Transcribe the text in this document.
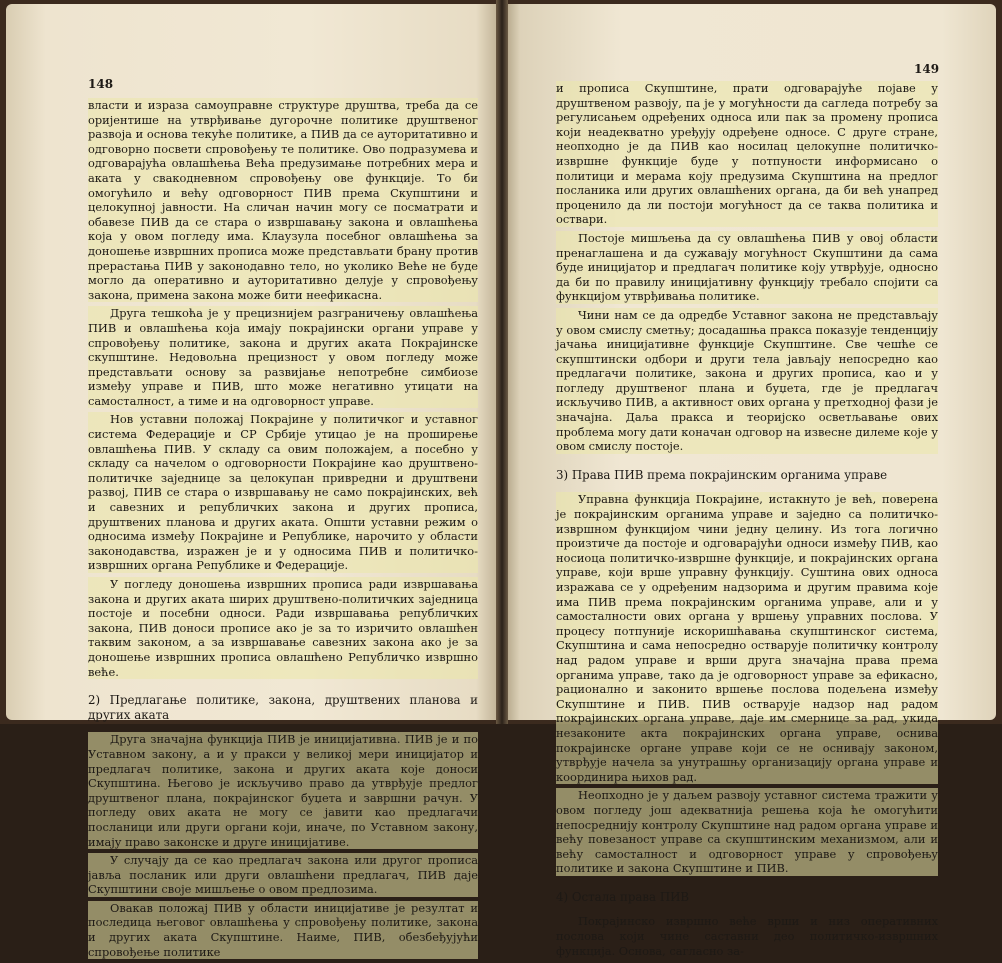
148

власти и израза самоуправне структуре друштва, треба да се оријентише на утврђивање дугорочне политике друштвеног развоја и основа текуће политике, а ПИВ да се ауторитативно и одговорно посвети спровођењу те политике. Ово подразумева и одговарајућа овлашћења Већа предузимање потребних мера и аката у свакодневном спровођењу ове функције. То би омогућило и већу одговорност ПИВ према Скупштини и целокупној јавности. На сличан начин могу се посматрати и обавезе ПИВ да се стара о извршавању закона и овлашћења која у овом погледу има. Клаузула посебног овлашћења за доношење извршних прописа може представљати брану против прерастања ПИВ у законодавно тело, но уколико Веће не буде могло да оперативно и ауторитативно делује у спровођењу закона, примена закона може бити неефикасна.

Друга тешкоћа је у прецизнијем разграничењу овлашћења ПИВ и овлашћења која имају покрајински органи управе у спровођењу политике, закона и других аката Покрајинске скупштине. Недовољна прецизност у овом погледу може представљати основу за развијање непотребне симбиозе између управе и ПИВ, што може негативно утицати на самосталност, а тиме и на одговорност управе.

Нов уставни положај Покрајине у политичког и уставног система Федерације и СР Србије утицао је на проширење овлашћења ПИВ. У складу са овим положајем, а посебно у складу са начелом о одговорности Покрајине као друштвено-политичке заједнице за целокупан привредни и друштвени развој, ПИВ се стара о извршавању не само покрајинских, већ и савезних и републичких закона и других прописа, друштвених планова и других аката. Општи уставни режим о односима између Покрајине и Републике, нарочито у области законодавства, изражен је и у односима ПИВ и политичко-извршних органа Републике и Федерације.

У погледу доношења извршних прописа ради извршавања закона и других аката ширих друштвено-политичких заједница постоје и посебни односи. Ради извршавања републичких закона, ПИВ доноси прописе ако је за то изричито овлашћен таквим законом, а за извршавање савезних закона ако је за доношење извршних прописа овлашћено Републичко извршно веће.

2) Предлагање политике, закона, друштвених планова и других аката

Друга значајна функција ПИВ је иницијативна. ПИВ је и по Уставном закону, а и у пракси у великој мери иницијатор и предлагач политике, закона и других аката које доноси Скупштина. Његово је искључиво право да утврђује предлог друштвеног плана, покрајинског буџета и завршни рачун. У погледу ових аката не могу се јавити као предлагачи посланици или други органи који, иначе, по Уставном закону, имају право законске и друге иницијативе.

У случају да се као предлагач закона или другог прописа јавља посланик или други овлашћени предлагач, ПИВ даје Скупштини своје мишљење о овом предлозима.

Овакав положај ПИВ у области иницијативе је резултат и последица његовог овлашћења у спровођењу политике, закона и других аката Скупштине. Наиме, ПИВ, обезбеђујући спровођење политике

149

и прописа Скупштине, прати одговарајуће појаве у друштвеном развоју, па је у могућности да сагледа потребу за регулисањем одређених односа или пак за промену прописа који неадекватно уређују одређене односе. С друге стране, неопходно је да ПИВ као носилац целокупне политичко-извршне функције буде у потпуности информисано о политици и мерама коју предузима Скупштина на предлог посланика или других овлашћених органа, да би већ унапред проценило да ли постоји могућност да се таква политика и оствари.

Постоје мишљења да су овлашћења ПИВ у овој области пренаглашена и да сужавају могућност Скупштини да сама буде иницијатор и предлагач политике коју утврђује, односно да би по правилу иницијативну функцију требало спојити са функцијом утврђивања политике.

Чини нам се да одредбе Уставног закона не представљају у овом смислу сметњу; досадашња пракса показује тенденцију јачања иницијативне функције Скупштине. Све чешће се скупштински одбори и други тела јављају непосредно као предлагачи политике, закона и других прописа, као и у погледу друштвеног плана и буџета, где је предлагач искључиво ПИВ, а активност ових органа у претходној фази је значајна. Даља пракса и теоријско осветљавање ових проблема могу дати коначан одговор на извесне дилеме које у овом смислу постоје.

3) Права ПИВ према покрајинским органима управе

Управна функција Покрајине, истакнуто је већ, поверена је покрајинским органима управе и заједно са политичко-извршном функцијом чини једну целину. Из тога логично произтиче да постоје и одговарајући односи између ПИВ, као носиоца политичко-извршне функције, и покрајинских органа управе, који врше управну функцију. Суштина ових односа изражава се у одређеним надзорима и другим правима које има ПИВ према покрајинским органима управе, али и у самосталности ових органа у вршењу управних послова. У процесу потпуније искоришћавања скупштинског система, Скупштина и сама непосредно остварује политичку контролу над радом управе и врши друга значајна права према органима управе, тако да је одговорност управе за ефикасно, рационално и законито вршење послова подељена између Скупштине и ПИВ. ПИВ остварује надзор над радом покрајинских органа управе, даје им смернице за рад, укида незаконите акта покрајинских органа управе, оснива покрајинске органе управе који се не оснивају законом, утврђује начела за унутрашњу организацију органа управе и координира њихов рад.

Неопходно је у даљем развоју уставног система тражити у овом погледу још адекватнија решења која ће омогућити непосредниjу контролу Скупштине над радом органа управе и већу повезаност управе са скупштинским механизмом, али и већу самосталност и одговорност управе у спровођењу политике и закона Скупштине и ПИВ.

4) Остала права ПИВ

Покрајинско извршно веће врши и низ оперативних послова који чине саставни део политичко-извршних функција. Основа, сагласно за-
